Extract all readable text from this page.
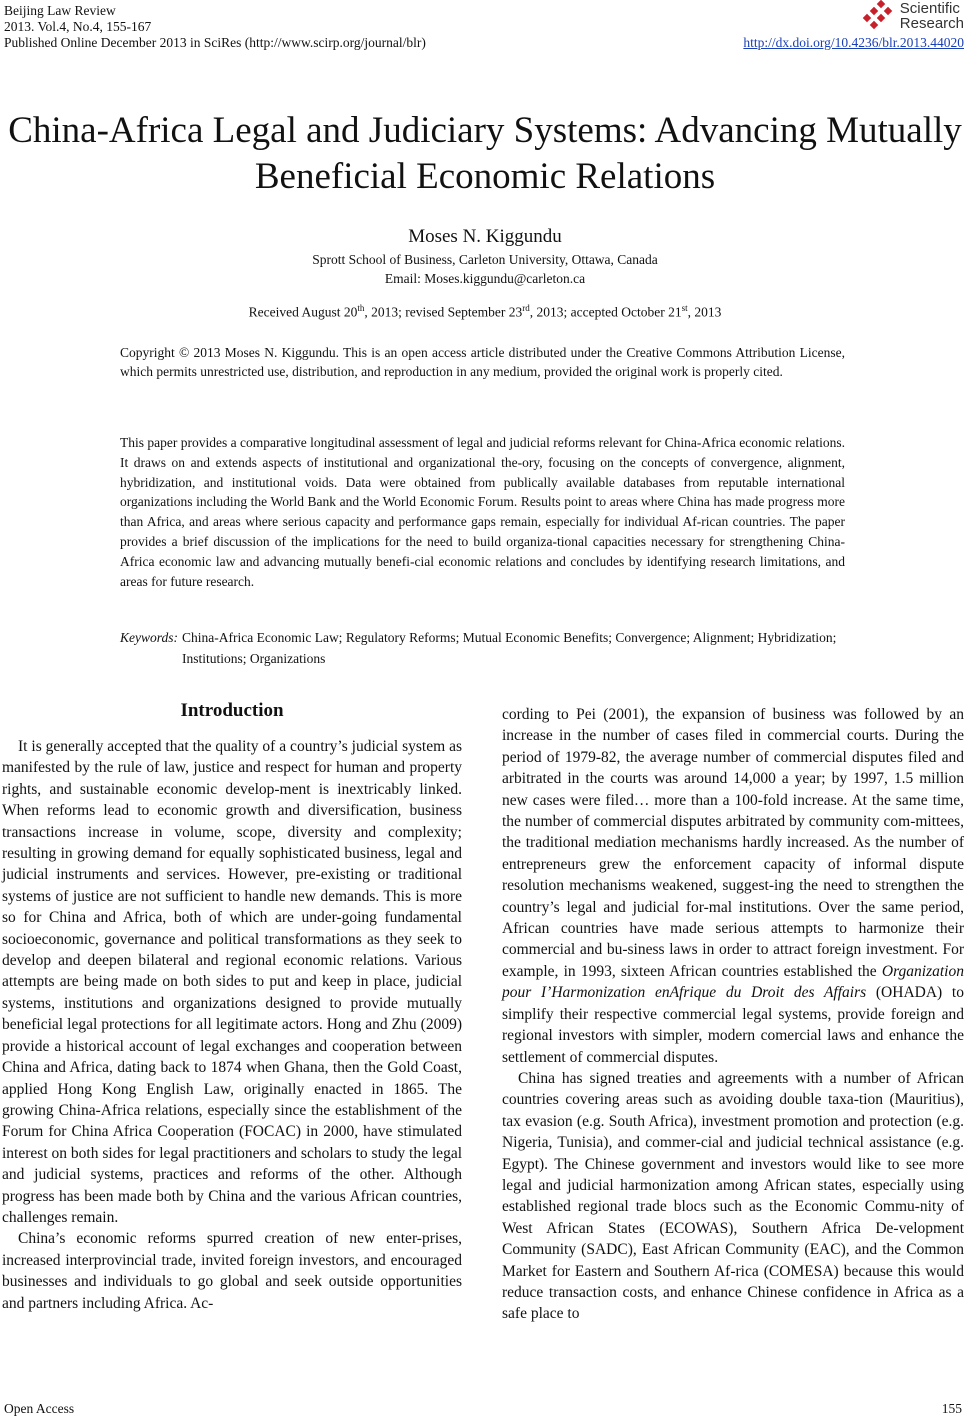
Beijing Law Review
2013. Vol.4, No.4, 155-167
Published Online December 2013 in SciRes (http://www.scirp.org/journal/blr)
Scientific
Research
http://dx.doi.org/10.4236/blr.2013.44020
China-Africa Legal and Judiciary Systems: Advancing Mutually Beneficial Economic Relations
Moses N. Kiggundu
Sprott School of Business, Carleton University, Ottawa, Canada
Email: Moses.kiggundu@carleton.ca
Received August 20th, 2013; revised September 23rd, 2013; accepted October 21st, 2013
Copyright © 2013 Moses N. Kiggundu. This is an open access article distributed under the Creative Commons Attribution License, which permits unrestricted use, distribution, and reproduction in any medium, provided the original work is properly cited.
This paper provides a comparative longitudinal assessment of legal and judicial reforms relevant for China-Africa economic relations. It draws on and extends aspects of institutional and organizational the-ory, focusing on the concepts of convergence, alignment, hybridization, and institutional voids. Data were obtained from publically available databases from reputable international organizations including the World Bank and the World Economic Forum. Results point to areas where China has made progress more than Africa, and areas where serious capacity and performance gaps remain, especially for individual Af-rican countries. The paper provides a brief discussion of the implications for the need to build organiza-tional capacities necessary for strengthening China-Africa economic law and advancing mutually benefi-cial economic relations and concludes by identifying research limitations, and areas for future research.
Keywords: China-Africa Economic Law; Regulatory Reforms; Mutual Economic Benefits; Convergence; Alignment; Hybridization; Institutions; Organizations
Introduction

It is generally accepted that the quality of a country’s judicial system as manifested by the rule of law, justice and respect for human and property rights, and sustainable economic develop-ment is inextricably linked. When reforms lead to economic growth and diversification, business transactions increase in volume, scope, diversity and complexity; resulting in growing demand for equally sophisticated business, legal and judicial instruments and services. However, pre-existing or traditional systems of justice are not sufficient to handle new demands. This is more so for China and Africa, both of which are under-going fundamental socioeconomic, governance and political transformations as they seek to develop and deepen bilateral and regional economic relations. Various attempts are being made on both sides to put and keep in place, judicial systems, institutions and organizations designed to provide mutually beneficial legal protections for all legitimate actors. Hong and Zhu (2009) provide a historical account of legal exchanges and cooperation between China and Africa, dating back to 1874 when Ghana, then the Gold Coast, applied Hong Kong English Law, originally enacted in 1865. The growing China-Africa relations, especially since the establishment of the Forum for China Africa Cooperation (FOCAC) in 2000, have stimulated interest on both sides for legal practitioners and scholars to study the legal and judicial systems, practices and reforms of the other. Although progress has been made both by China and the various African countries, challenges remain.

China’s economic reforms spurred creation of new enter-prises, increased interprovincial trade, invited foreign investors, and encouraged businesses and individuals to go global and seek outside opportunities and partners including Africa. Ac-

cording to Pei (2001), the expansion of business was followed by an increase in the number of cases filed in commercial courts. During the period of 1979-82, the average number of commercial disputes filed and arbitrated in the courts was around 14,000 a year; by 1997, 1.5 million new cases were filed… more than a 100-fold increase. At the same time, the number of commercial disputes arbitrated by community com-mittees, the traditional mediation mechanisms hardly increased. As the number of entrepreneurs grew the enforcement capacity of informal dispute resolution mechanisms weakened, suggest-ing the need to strengthen the country’s legal and judicial for-mal institutions. Over the same period, African countries have made serious attempts to harmonize their commercial and bu-siness laws in order to attract foreign investment. For example, in 1993, sixteen African countries established the Organization pour I’Harmonization enAfrique du Droit des Affairs (OHADA) to simplify their respective commercial legal systems, provide foreign and regional investors with simpler, modern comercial laws and enhance the settlement of commercial disputes.

China has signed treaties and agreements with a number of African countries covering areas such as avoiding double taxa-tion (Mauritius), tax evasion (e.g. South Africa), investment promotion and protection (e.g. Nigeria, Tunisia), and commer-cial and judicial technical assistance (e.g. Egypt). The Chinese government and investors would like to see more legal and judicial harmonization among African states, especially using established regional trade blocs such as the Economic Commu-nity of West African States (ECOWAS), Southern Africa De-velopment Community (SADC), East African Community (EAC), and the Common Market for Eastern and Southern Af-rica (COMESA) because this would reduce transaction costs, and enhance Chinese confidence in Africa as a safe place to

Open Access	155
